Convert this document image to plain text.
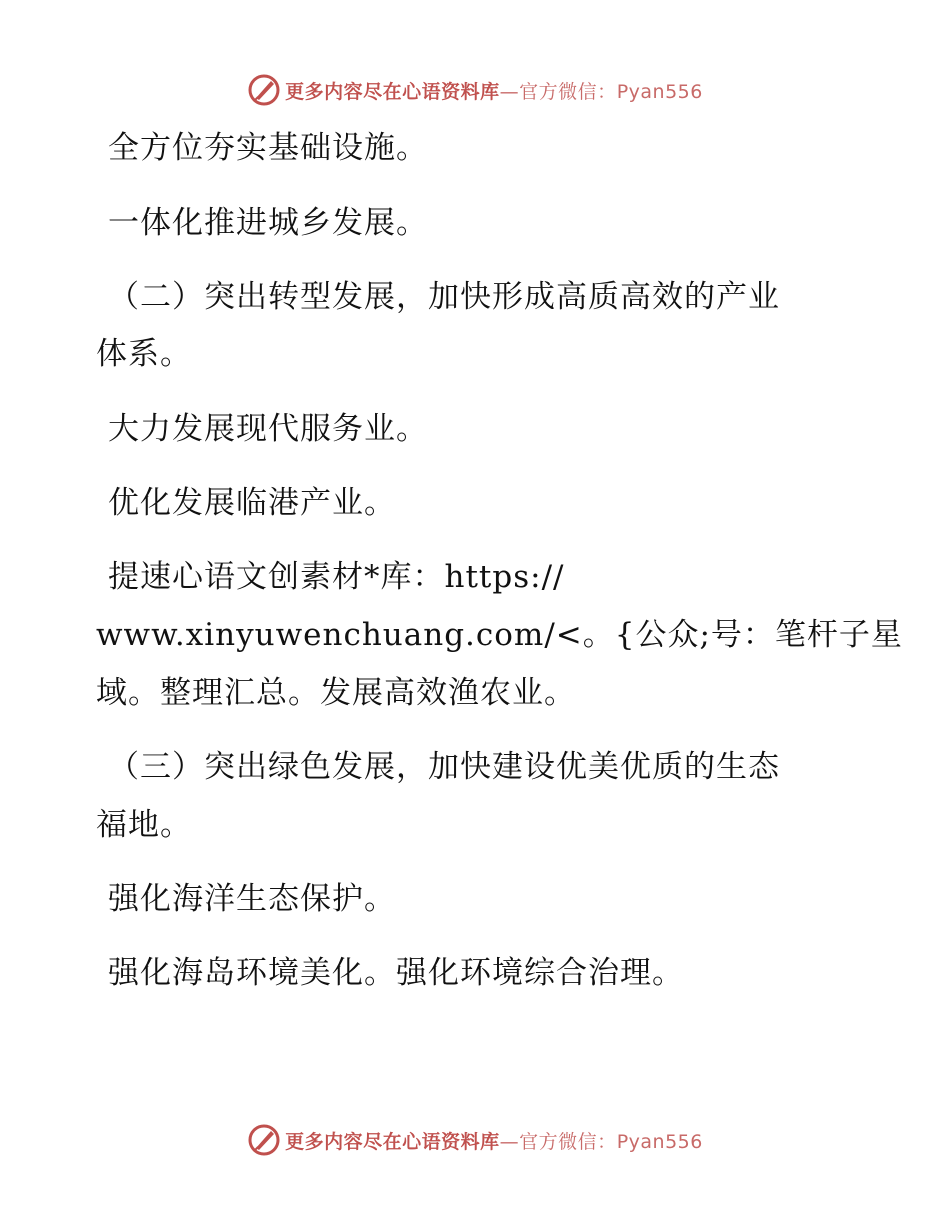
更多内容尽在心语资料库—官方微信：Pyan556
全方位夯实基础设施。
一体化推进城乡发展。
（二）突出转型发展，加快形成高质高效的产业
体系。
大力发展现代服务业。
优化发展临港产业。
提速心语文创素材*库：https://
www.xinyuwenchuang.com/<。{公众;号：笔杆子星
域。整理汇总。发展高效渔农业。
（三）突出绿色发展，加快建设优美优质的生态
福地。
强化海洋生态保护。
强化海岛环境美化。强化环境综合治理。
更多内容尽在心语资料库—官方微信：Pyan556
